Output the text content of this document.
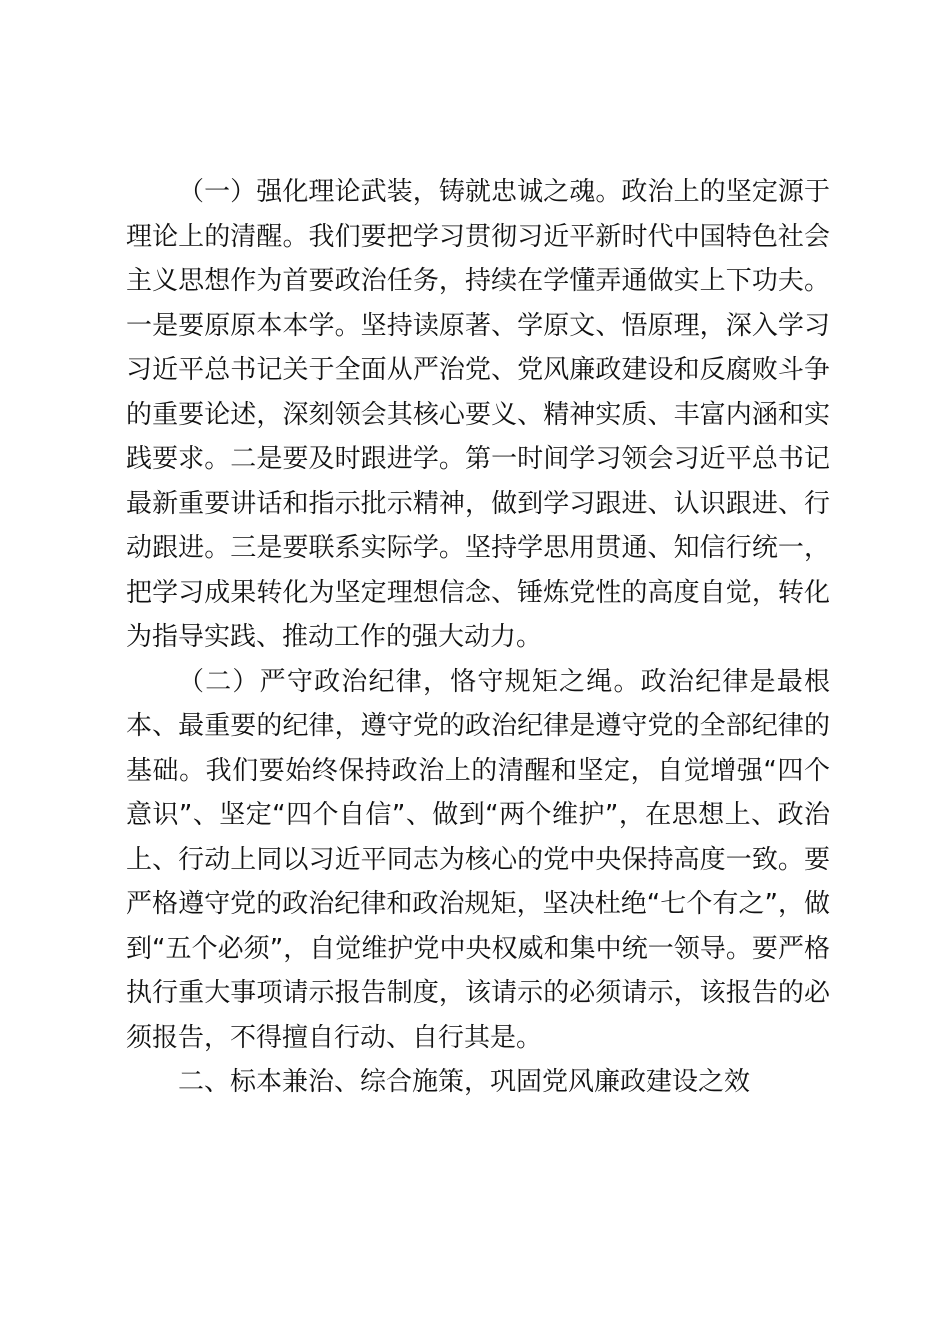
（一）强化理论武装，铸就忠诚之魂。政治上的坚定源于理论上的清醒。我们要把学习贯彻习近平新时代中国特色社会主义思想作为首要政治任务，持续在学懂弄通做实上下功夫。一是要原原本本学。坚持读原著、学原文、悟原理，深入学习习近平总书记关于全面从严治党、党风廉政建设和反腐败斗争的重要论述，深刻领会其核心要义、精神实质、丰富内涵和实践要求。二是要及时跟进学。第一时间学习领会习近平总书记最新重要讲话和指示批示精神，做到学习跟进、认识跟进、行动跟进。三是要联系实际学。坚持学思用贯通、知信行统一，把学习成果转化为坚定理想信念、锤炼党性的高度自觉，转化为指导实践、推动工作的强大动力。

（二）严守政治纪律，恪守规矩之绳。政治纪律是最根本、最重要的纪律，遵守党的政治纪律是遵守党的全部纪律的基础。我们要始终保持政治上的清醒和坚定，自觉增强“四个意识”、坚定“四个自信”、做到“两个维护”，在思想上、政治上、行动上同以习近平同志为核心的党中央保持高度一致。要严格遵守党的政治纪律和政治规矩，坚决杜绝“七个有之”，做到“五个必须”，自觉维护党中央权威和集中统一领导。要严格执行重大事项请示报告制度，该请示的必须请示，该报告的必须报告，不得擅自行动、自行其是。

二、标本兼治、综合施策，巩固党风廉政建设之效
